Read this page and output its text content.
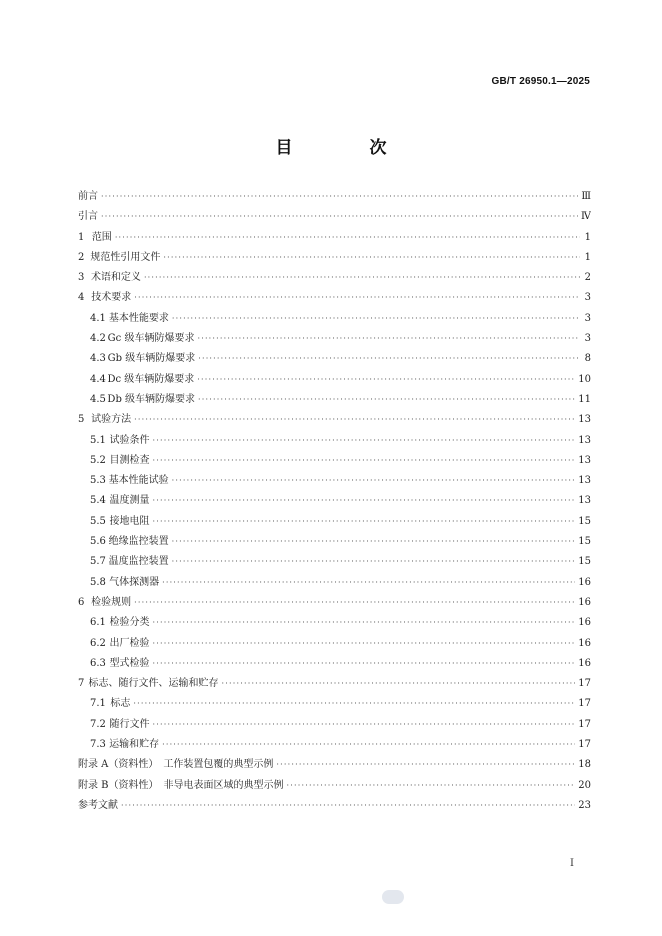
GB/T 26950.1—2025
目　次
前言 ·····	Ⅲ
引言 ·····	Ⅳ
1 范围 ·····	1
2 规范性引用文件 ·····	1
3 术语和定义 ·····	2
4 技术要求 ·····	3
4.1 基本性能要求 ·····	3
4.2 Gc 级车辆防爆要求 ·····	3
4.3 Gb 级车辆防爆要求 ·····	8
4.4 Dc 级车辆防爆要求 ·····	10
4.5 Db 级车辆防爆要求 ·····	11
5 试验方法 ·····	13
5.1 试验条件 ·····	13
5.2 目测检查 ·····	13
5.3 基本性能试验 ·····	13
5.4 温度测量 ·····	13
5.5 接地电阻 ·····	15
5.6 绝缘监控装置 ·····	15
5.7 温度监控装置 ·····	15
5.8 气体探测器 ·····	16
6 检验规则 ·····	16
6.1 检验分类 ·····	16
6.2 出厂检验 ·····	16
6.3 型式检验 ·····	16
7 标志、随行文件、运输和贮存 ·····	17
7.1 标志 ·····	17
7.2 随行文件 ·····	17
7.3 运输和贮存 ·····	17
附录 A（资料性）　工作装置包覆的典型示例 ·····	18
附录 B（资料性）　非导电表面区域的典型示例 ·····	20
参考文献 ·····	23
Ⅰ
